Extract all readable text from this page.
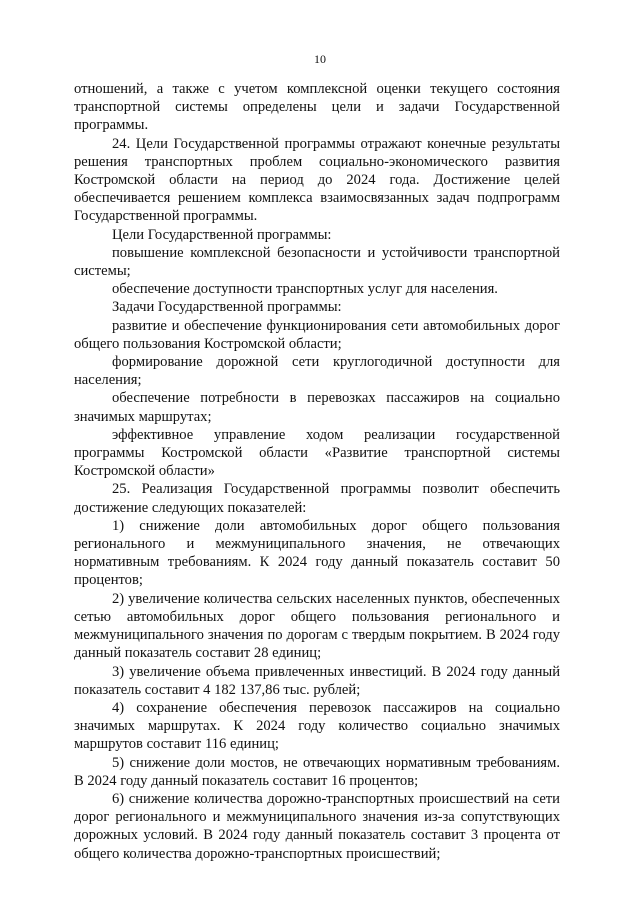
10

отношений, а также с учетом комплексной оценки текущего состояния транспортной системы определены цели и задачи Государственной программы.

24. Цели Государственной программы отражают конечные результаты решения транспортных проблем социально-экономического развития Костромской области на период до 2024 года. Достижение целей обеспечивается решением комплекса взаимосвязанных задач подпрограмм Государственной программы.

Цели Государственной программы:

повышение комплексной безопасности и устойчивости транспортной системы;

обеспечение доступности транспортных услуг для населения.

Задачи Государственной программы:

развитие и обеспечение функционирования сети автомобильных дорог общего пользования Костромской области;

формирование дорожной сети круглогодичной доступности для населения;

обеспечение потребности в перевозках пассажиров на социально значимых маршрутах;

эффективное управление ходом реализации государственной программы Костромской области «Развитие транспортной системы Костромской области»

25. Реализация Государственной программы позволит обеспечить достижение следующих показателей:

1) снижение доли автомобильных дорог общего пользования регионального и межмуниципального значения, не отвечающих нормативным требованиям. К 2024 году данный показатель составит 50 процентов;

2) увеличение количества сельских населенных пунктов, обеспеченных сетью автомобильных дорог общего пользования регионального и межмуниципального значения по дорогам с твердым покрытием. В 2024 году данный показатель составит 28 единиц;

3) увеличение объема привлеченных инвестиций. В 2024 году данный показатель составит 4 182 137,86 тыс. рублей;

4) сохранение обеспечения перевозок пассажиров на социально значимых маршрутах. К 2024 году количество социально значимых маршрутов составит 116 единиц;

5) снижение доли мостов, не отвечающих нормативным требованиям. В 2024 году данный показатель составит 16 процентов;

6) снижение количества дорожно-транспортных происшествий на сети дорог регионального и межмуниципального значения из-за сопутствующих дорожных условий. В 2024 году данный показатель составит 3 процента от общего количества дорожно-транспортных происшествий;
